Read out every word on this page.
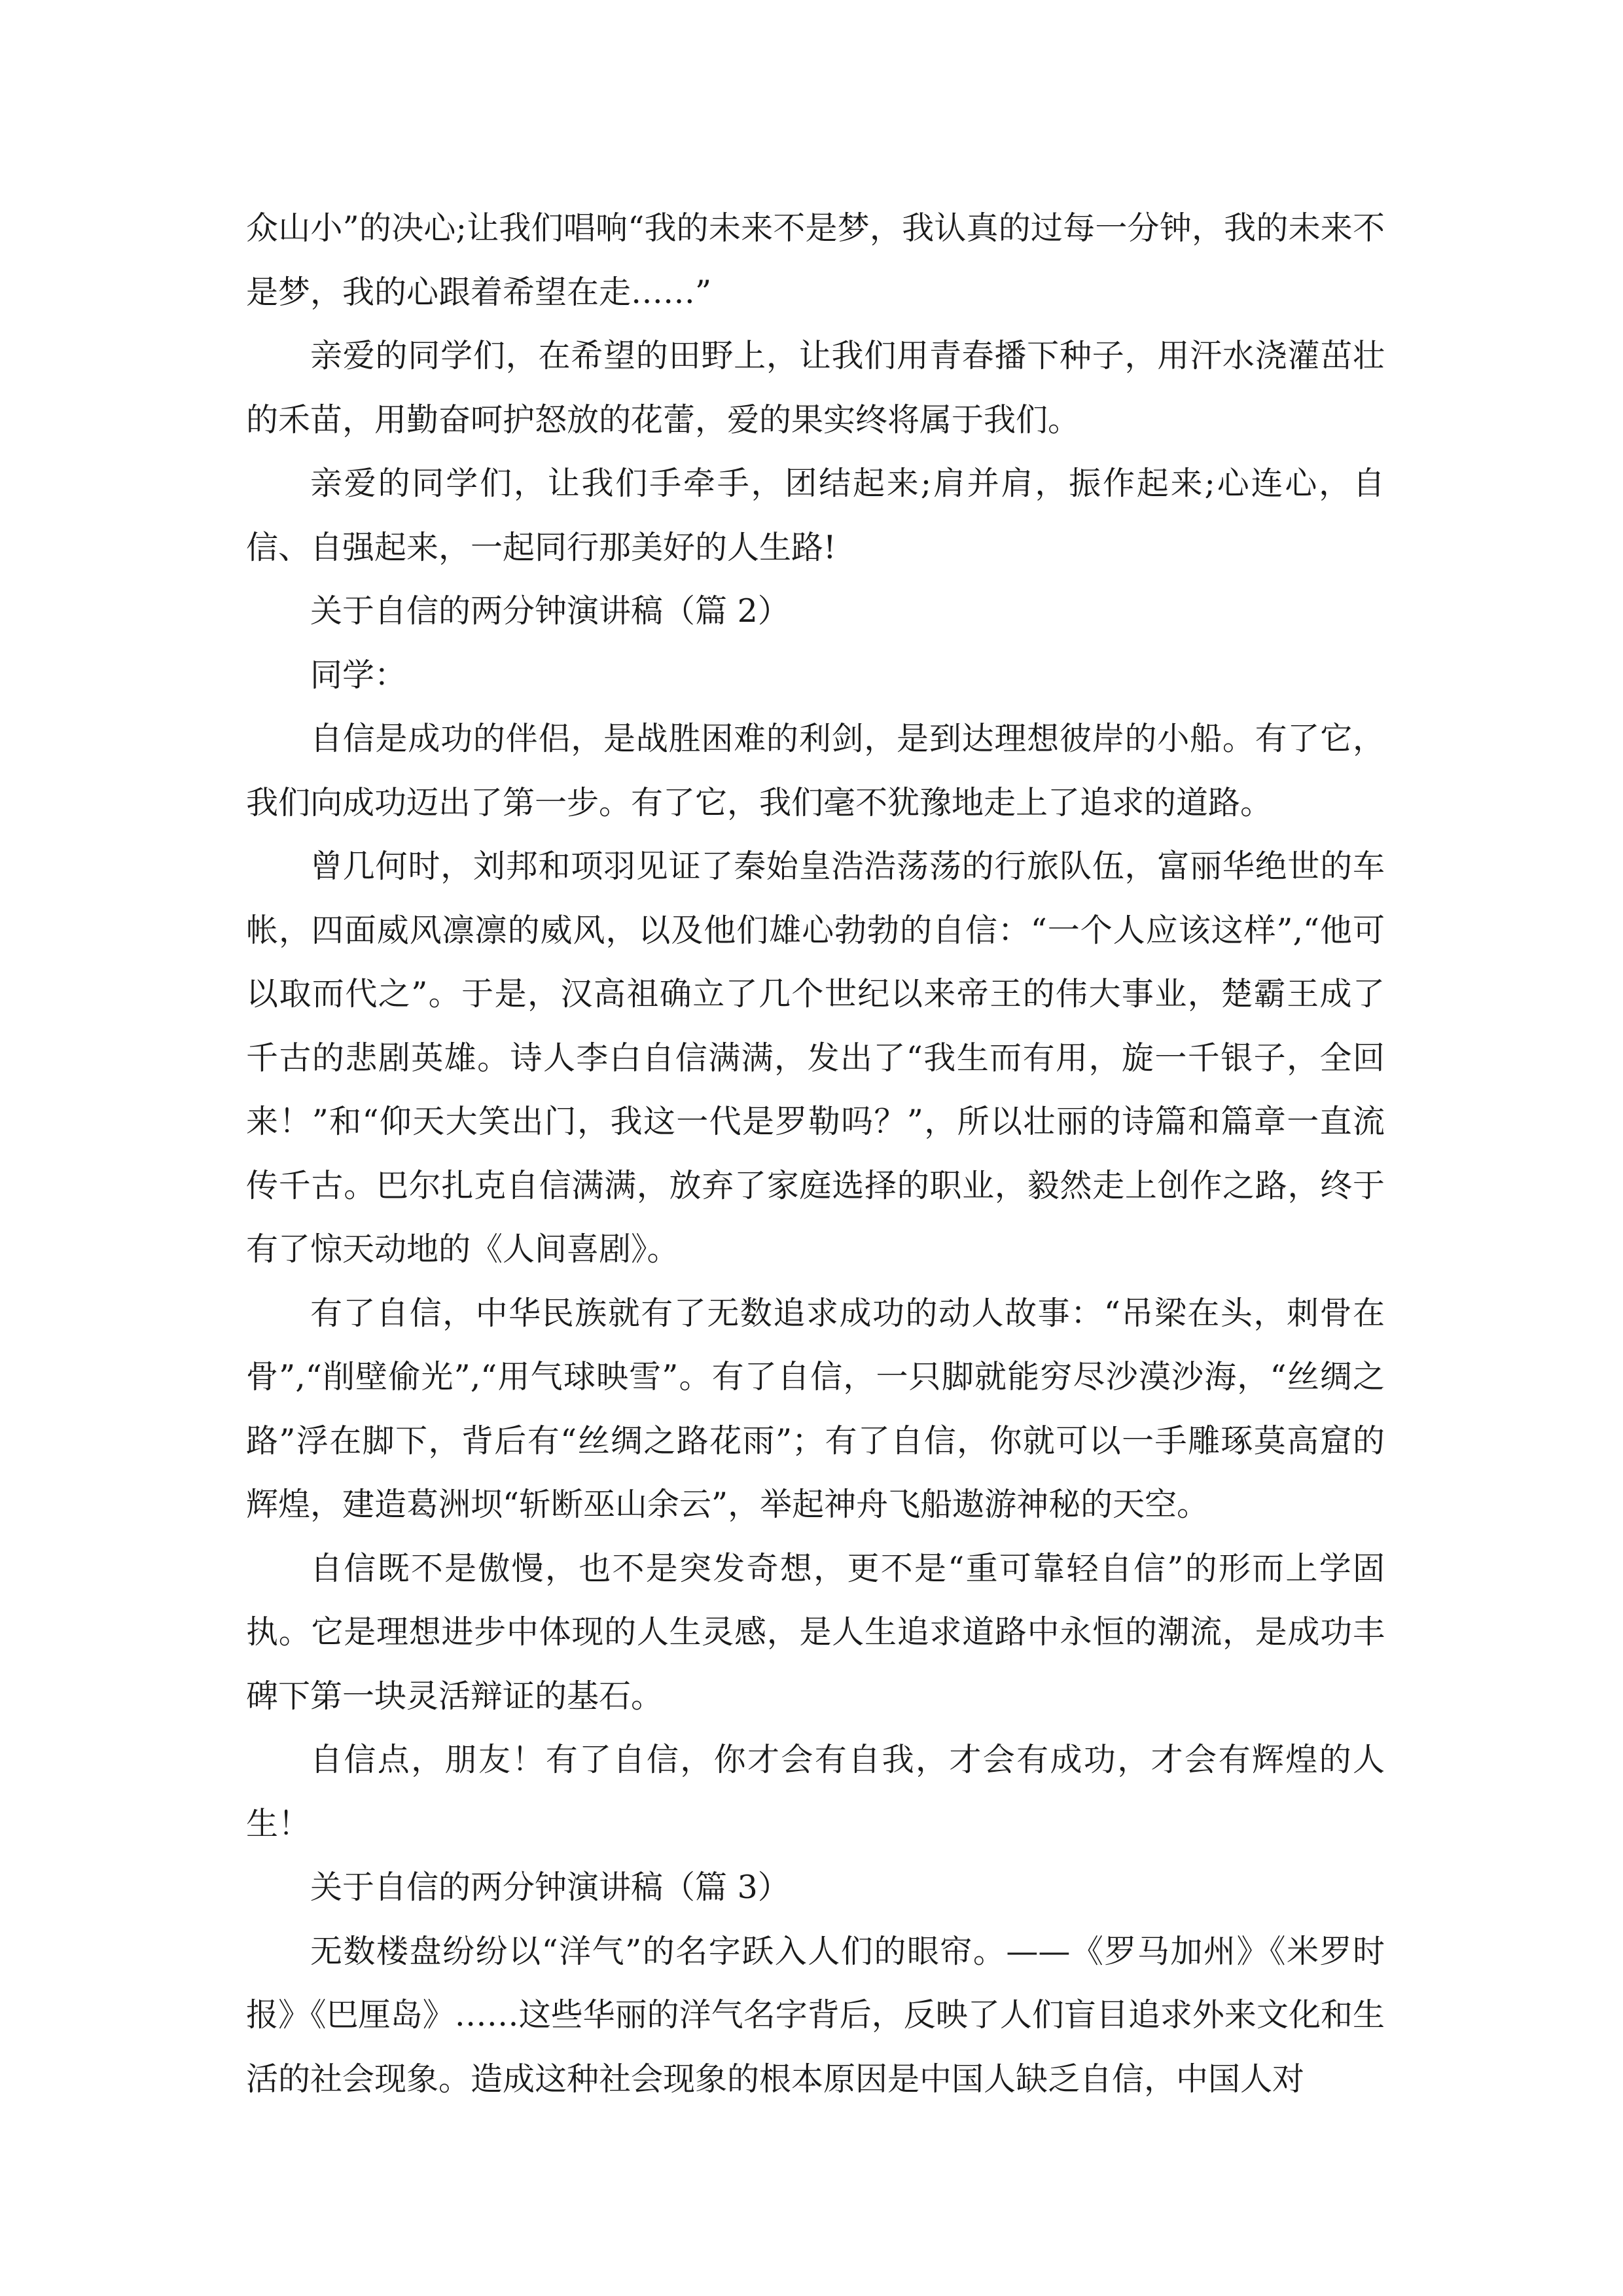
众山小”的决心;让我们唱响“我的未来不是梦，我认真的过每一分钟，我的未来不是梦，我的心跟着希望在走……”

亲爱的同学们，在希望的田野上，让我们用青春播下种子，用汗水浇灌茁壮的禾苗，用勤奋呵护怒放的花蕾，爱的果实终将属于我们。

亲爱的同学们，让我们手牵手，团结起来;肩并肩，振作起来;心连心，自信、自强起来，一起同行那美好的人生路!

关于自信的两分钟演讲稿（篇 2）

同学：

自信是成功的伴侣，是战胜困难的利剑，是到达理想彼岸的小船。有了它，我们向成功迈出了第一步。有了它，我们毫不犹豫地走上了追求的道路。

曾几何时，刘邦和项羽见证了秦始皇浩浩荡荡的行旅队伍，富丽华绝世的车帐，四面威风凛凛的威风，以及他们雄心勃勃的自信：“一个人应该这样”,“他可以取而代之”。于是，汉高祖确立了几个世纪以来帝王的伟大事业，楚霸王成了千古的悲剧英雄。诗人李白自信满满，发出了“我生而有用，旋一千银子，全回来！”和“仰天大笑出门，我这一代是罗勒吗？”，所以壮丽的诗篇和篇章一直流传千古。巴尔扎克自信满满，放弃了家庭选择的职业，毅然走上创作之路，终于有了惊天动地的《人间喜剧》。

有了自信，中华民族就有了无数追求成功的动人故事：“吊梁在头，刺骨在骨”,“削壁偷光”,“用气球映雪”。有了自信，一只脚就能穷尽沙漠沙海，“丝绸之路”浮在脚下，背后有“丝绸之路花雨”；有了自信，你就可以一手雕琢莫高窟的辉煌，建造葛洲坝“斩断巫山余云”，举起神舟飞船遨游神秘的天空。

自信既不是傲慢，也不是突发奇想，更不是“重可靠轻自信”的形而上学固执。它是理想进步中体现的人生灵感，是人生追求道路中永恒的潮流，是成功丰碑下第一块灵活辩证的基石。

自信点，朋友！有了自信，你才会有自我，才会有成功，才会有辉煌的人生！

关于自信的两分钟演讲稿（篇 3）

无数楼盘纷纷以“洋气”的名字跃入人们的眼帘。——《罗马加州》《米罗时报》《巴厘岛》……这些华丽的洋气名字背后，反映了人们盲目追求外来文化和生活的社会现象。造成这种社会现象的根本原因是中国人缺乏自信，中国人对
